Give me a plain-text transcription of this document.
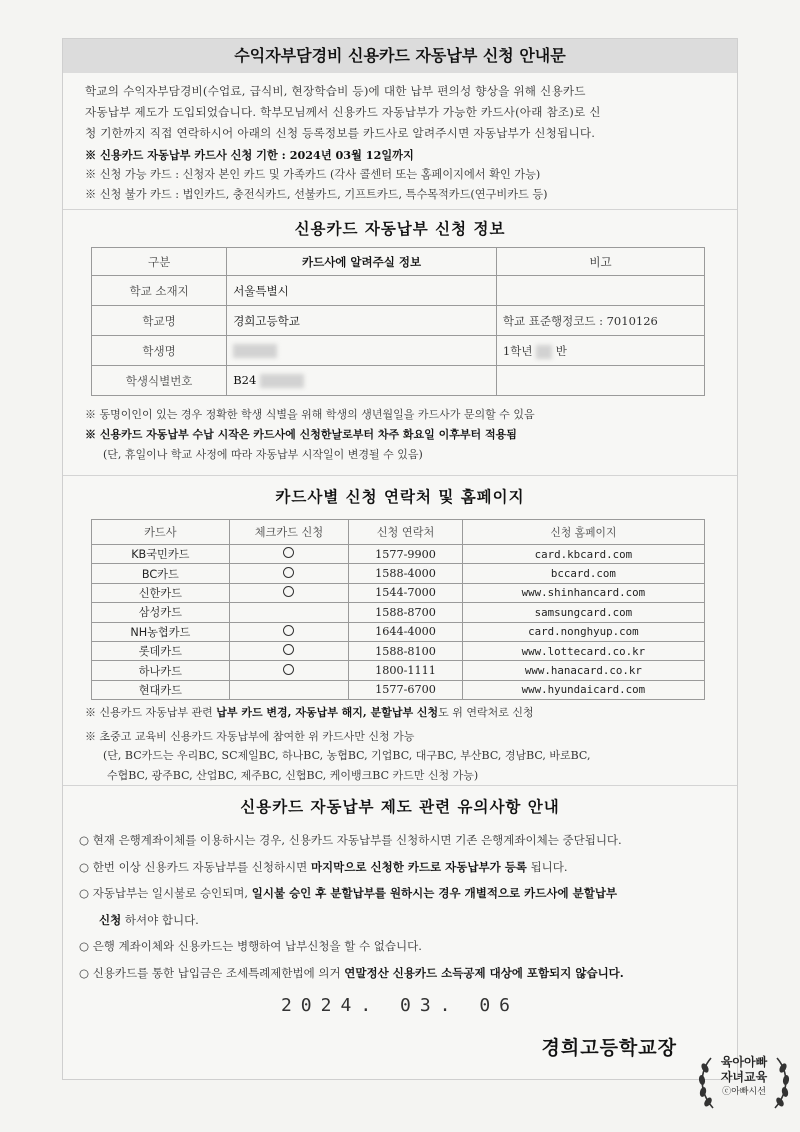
수익자부담경비 신용카드 자동납부 신청 안내문
학교의 수익자부담경비(수업료, 급식비, 현장학습비 등)에 대한 납부 편의성 향상을 위해 신용카드
자동납부 제도가 도입되었습니다. 학부모님께서 신용카드 자동납부가 가능한 카드사(아래 참조)로 신
청 기한까지 직접 연락하시어 아래의 신청 등록정보를 카드사로 알려주시면 자동납부가 신청됩니다.
※ 신용카드 자동납부 카드사 신청 기한 : 2024년 03월 12일까지
※ 신청 가능 카드 : 신청자 본인 카드 및 가족카드 (각사 콜센터 또는 홈페이지에서 확인 가능)
※ 신청 불가 카드 : 법인카드, 충전식카드, 선불카드, 기프트카드, 특수목적카드(연구비카드 등)
신용카드 자동납부 신청 정보
구분	카드사에 알려주실 정보	비고
학교 소재지	서울특별시	
학교명	경희고등학교	학교 표준행정코드 : 7010126
학생명		1학년 반
학생식별번호	B24	
※ 동명이인이 있는 경우 정확한 학생 식별을 위해 학생의 생년월일을 카드사가 문의할 수 있음
※ 신용카드 자동납부 수납 시작은 카드사에 신청한날로부터 차주 화요일 이후부터 적용됨
(단, 휴일이나 학교 사정에 따라 자동납부 시작일이 변경될 수 있음)
카드사별 신청 연락처 및 홈페이지
카드사	체크카드 신청	신청 연락처	신청 홈페이지
KB국민카드		1577-9900	card.kbcard.com
BC카드		1588-4000	bccard.com
신한카드		1544-7000	www.shinhancard.com
삼성카드		1588-8700	samsungcard.com
NH농협카드		1644-4000	card.nonghyup.com
롯데카드		1588-8100	www.lottecard.co.kr
하나카드		1800-1111	www.hanacard.co.kr
현대카드		1577-6700	www.hyundaicard.com
※ 신용카드 자동납부 관련 납부 카드 변경, 자동납부 해지, 분할납부 신청도 위 연락처로 신청
※ 초중고 교육비 신용카드 자동납부에 참여한 위 카드사만 신청 가능
(단, BC카드는 우리BC, SC제일BC, 하나BC, 농협BC, 기업BC, 대구BC, 부산BC, 경남BC, 바로BC,
수협BC, 광주BC, 산업BC, 제주BC, 신협BC, 케이뱅크BC 카드만 신청 가능)
신용카드 자동납부 제도 관련 유의사항 안내
○ 현재 은행계좌이체를 이용하시는 경우, 신용카드 자동납부를 신청하시면 기존 은행계좌이체는 중단됩니다.
○ 한번 이상 신용카드 자동납부를 신청하시면 마지막으로 신청한 카드로 자동납부가 등록 됩니다.
○ 자동납부는 일시불로 승인되며, 일시불 승인 후 분할납부를 원하시는 경우 개별적으로 카드사에 분할납부
신청 하셔야 합니다.
○ 은행 계좌이체와 신용카드는 병행하여 납부신청을 할 수 없습니다.
○ 신용카드를 통한 납입금은 조세특례제한법에 의거 연말정산 신용카드 소득공제 대상에 포함되지 않습니다.
2024. 03. 06
경희고등학교장
육아아빠
자녀교육
ⓒ아빠시선
